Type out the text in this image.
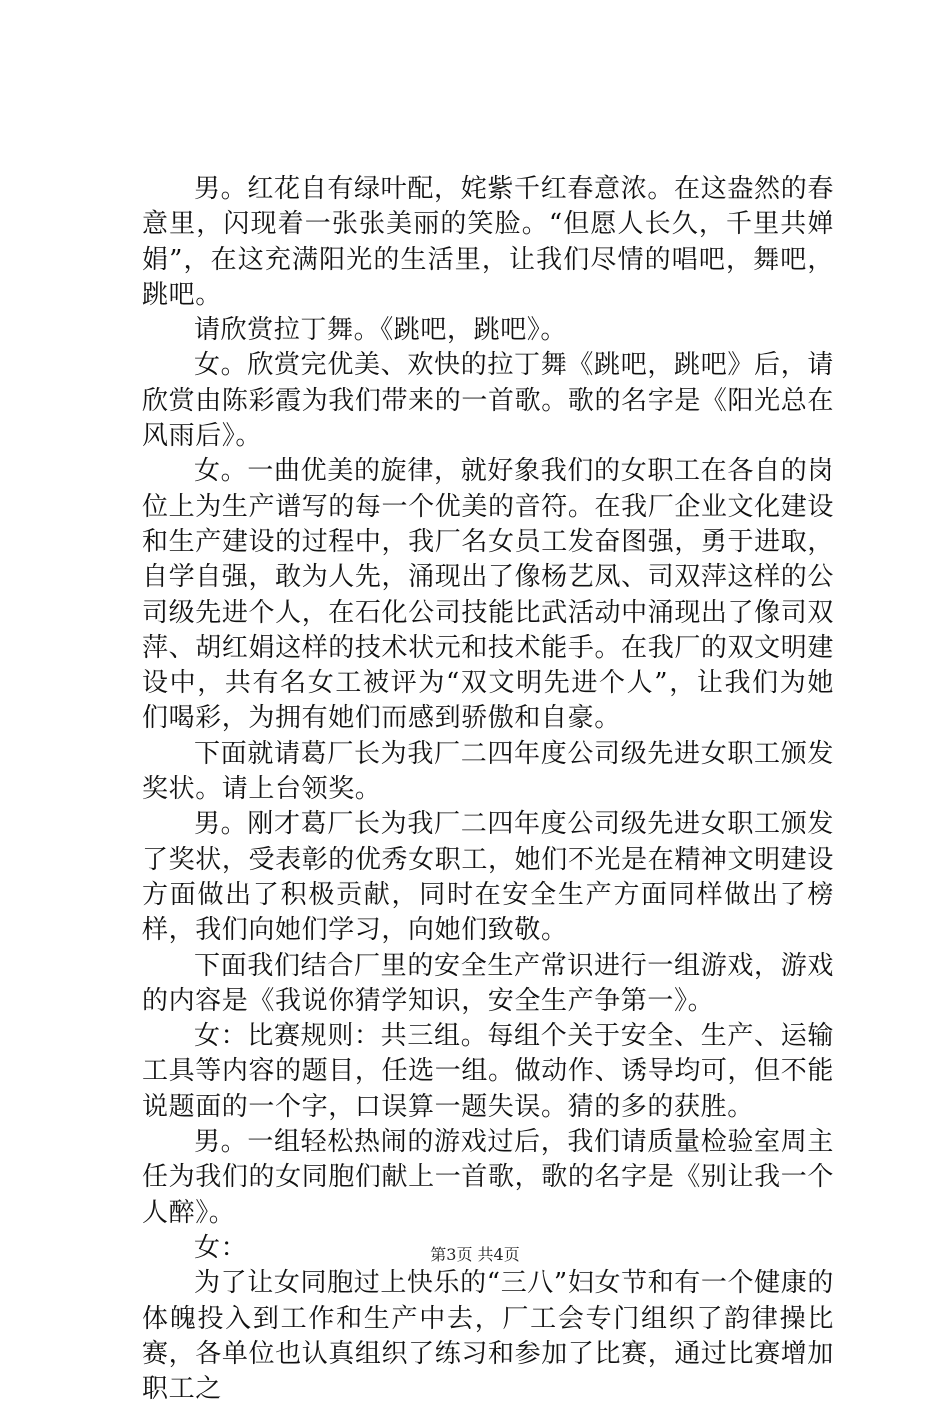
男。红花自有绿叶配，姹紫千红春意浓。在这盎然的春意里，闪现着一张张美丽的笑脸。“但愿人长久，千里共婵娟”，在这充满阳光的生活里，让我们尽情的唱吧，舞吧，跳吧。

请欣赏拉丁舞。《跳吧，跳吧》。

女。欣赏完优美、欢快的拉丁舞《跳吧，跳吧》后，请欣赏由陈彩霞为我们带来的一首歌。歌的名字是《阳光总在风雨后》。

女。一曲优美的旋律，就好象我们的女职工在各自的岗位上为生产谱写的每一个优美的音符。在我厂企业文化建设和生产建设的过程中，我厂名女员工发奋图强，勇于进取，自学自强，敢为人先，涌现出了像杨艺凤、司双萍这样的公司级先进个人，在石化公司技能比武活动中涌现出了像司双萍、胡红娟这样的技术状元和技术能手。在我厂的双文明建设中，共有名女工被评为“双文明先进个人”，让我们为她们喝彩，为拥有她们而感到骄傲和自豪。

下面就请葛厂长为我厂二四年度公司级先进女职工颁发奖状。请上台领奖。

男。刚才葛厂长为我厂二四年度公司级先进女职工颁发了奖状，受表彰的优秀女职工，她们不光是在精神文明建设方面做出了积极贡献，同时在安全生产方面同样做出了榜样，我们向她们学习，向她们致敬。

下面我们结合厂里的安全生产常识进行一组游戏，游戏的内容是《我说你猜学知识，安全生产争第一》。

女：比赛规则：共三组。每组个关于安全、生产、运输工具等内容的题目，任选一组。做动作、诱导均可，但不能说题面的一个字，口误算一题失误。猜的多的获胜。

男。一组轻松热闹的游戏过后，我们请质量检验室周主任为我们的女同胞们献上一首歌，歌的名字是《别让我一个人醉》。

女：

为了让女同胞过上快乐的“三八”妇女节和有一个健康的体魄投入到工作和生产中去，厂工会专门组织了韵律操比赛，各单位也认真组织了练习和参加了比赛，通过比赛增加职工之

第3页 共4页
